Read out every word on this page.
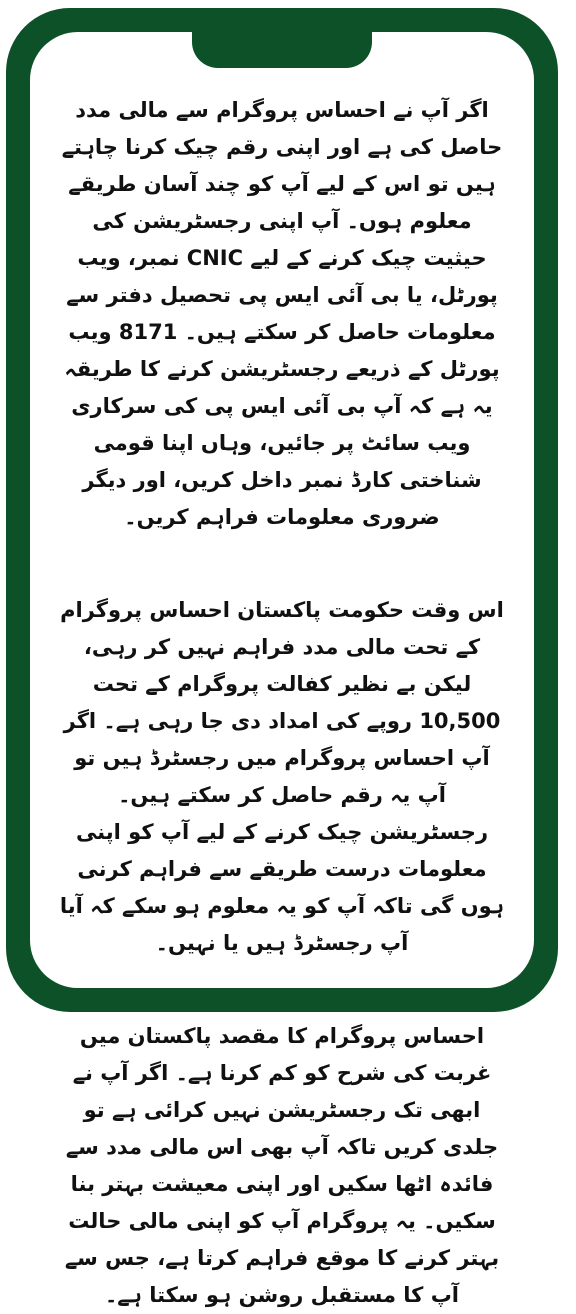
اگر آپ نے احساس پروگرام سے مالی مدد حاصل کی ہے اور اپنی رقم چیک کرنا چاہتے ہیں تو اس کے لیے آپ کو چند آسان طریقے معلوم ہوں۔ آپ اپنی رجسٹریشن کی حیثیت چیک کرنے کے لیے CNIC نمبر، ویب پورٹل، یا بی آئی ایس پی تحصیل دفتر سے معلومات حاصل کر سکتے ہیں۔ 8171 ویب پورٹل کے ذریعے رجسٹریشن کرنے کا طریقہ یہ ہے کہ آپ بی آئی ایس پی کی سرکاری ویب سائٹ پر جائیں، وہاں اپنا قومی شناختی کارڈ نمبر داخل کریں، اور دیگر ضروری معلومات فراہم کریں۔

اس وقت حکومت پاکستان احساس پروگرام کے تحت مالی مدد فراہم نہیں کر رہی، لیکن بے نظیر کفالت پروگرام کے تحت 10,500 روپے کی امداد دی جا رہی ہے۔ اگر آپ احساس پروگرام میں رجسٹرڈ ہیں تو آپ یہ رقم حاصل کر سکتے ہیں۔ رجسٹریشن چیک کرنے کے لیے آپ کو اپنی معلومات درست طریقے سے فراہم کرنی ہوں گی تاکہ آپ کو یہ معلوم ہو سکے کہ آیا آپ رجسٹرڈ ہیں یا نہیں۔

احساس پروگرام کا مقصد پاکستان میں غربت کی شرح کو کم کرنا ہے۔ اگر آپ نے ابھی تک رجسٹریشن نہیں کرائی ہے تو جلدی کریں تاکہ آپ بھی اس مالی مدد سے فائدہ اٹھا سکیں اور اپنی معیشت بہتر بنا سکیں۔ یہ پروگرام آپ کو اپنی مالی حالت بہتر کرنے کا موقع فراہم کرتا ہے، جس سے آپ کا مستقبل روشن ہو سکتا ہے۔
